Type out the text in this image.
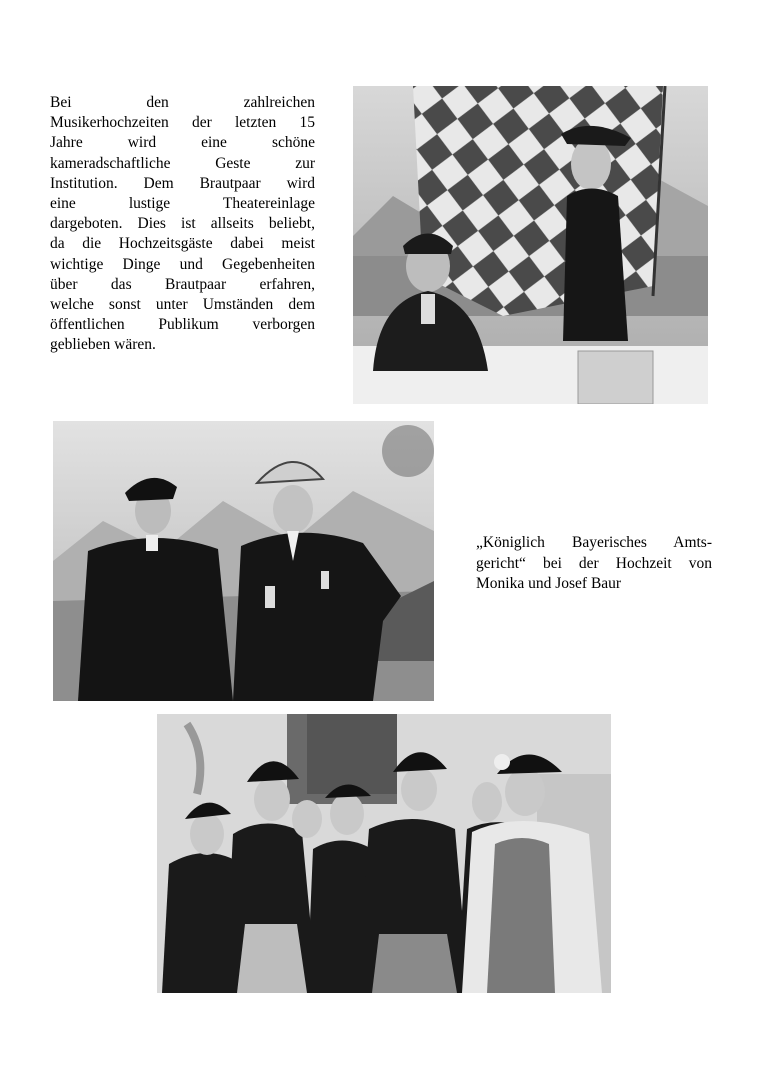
Bei den zahlreichen
Musikerhochzeiten der letzten 15
Jahre wird eine schöne
kameradschaftliche Geste zur
Institution. Dem Brautpaar wird
eine lustige Theatereinlage
dargeboten. Dies ist allseits beliebt,
da die Hochzeitsgäste dabei meist
wichtige Dinge und Gegebenheiten
über das Brautpaar erfahren,
welche sonst unter Umständen dem
öffentlichen Publikum verborgen
geblieben wären.
„Königlich Bayerisches Amts-
gericht“ bei der Hochzeit von
Monika und Josef Baur
